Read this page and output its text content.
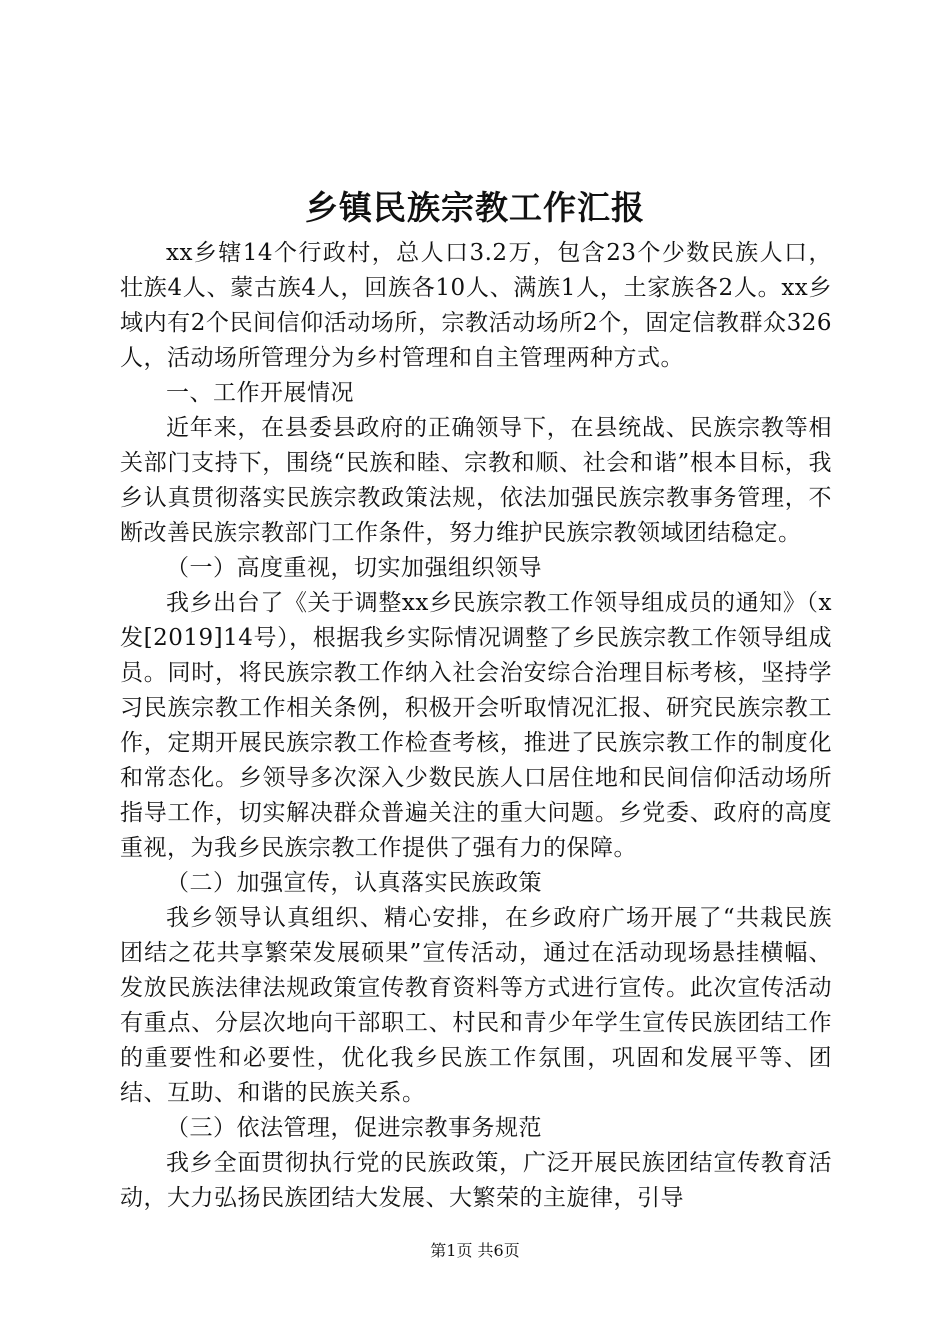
乡镇民族宗教工作汇报

xx乡辖14个行政村，总人口3.2万，包含23个少数民族人口，壮族4人、蒙古族4人，回族各10人、满族1人，土家族各2人。xx乡域内有2个民间信仰活动场所，宗教活动场所2个，固定信教群众326人，活动场所管理分为乡村管理和自主管理两种方式。

一、工作开展情况

近年来，在县委县政府的正确领导下，在县统战、民族宗教等相关部门支持下，围绕“民族和睦、宗教和顺、社会和谐”根本目标，我乡认真贯彻落实民族宗教政策法规，依法加强民族宗教事务管理，不断改善民族宗教部门工作条件，努力维护民族宗教领域团结稳定。

（一）高度重视，切实加强组织领导

我乡出台了《关于调整xx乡民族宗教工作领导组成员的通知》（x发[2019]14号），根据我乡实际情况调整了乡民族宗教工作领导组成员。同时，将民族宗教工作纳入社会治安综合治理目标考核，坚持学习民族宗教工作相关条例，积极开会听取情况汇报、研究民族宗教工作，定期开展民族宗教工作检查考核，推进了民族宗教工作的制度化和常态化。乡领导多次深入少数民族人口居住地和民间信仰活动场所指导工作，切实解决群众普遍关注的重大问题。乡党委、政府的高度重视，为我乡民族宗教工作提供了强有力的保障。

（二）加强宣传，认真落实民族政策

我乡领导认真组织、精心安排，在乡政府广场开展了“共栽民族团结之花共享繁荣发展硕果”宣传活动，通过在活动现场悬挂横幅、发放民族法律法规政策宣传教育资料等方式进行宣传。此次宣传活动有重点、分层次地向干部职工、村民和青少年学生宣传民族团结工作的重要性和必要性，优化我乡民族工作氛围，巩固和发展平等、团结、互助、和谐的民族关系。

（三）依法管理，促进宗教事务规范

我乡全面贯彻执行党的民族政策，广泛开展民族团结宣传教育活动，大力弘扬民族团结大发展、大繁荣的主旋律，引导

第1页 共6页
